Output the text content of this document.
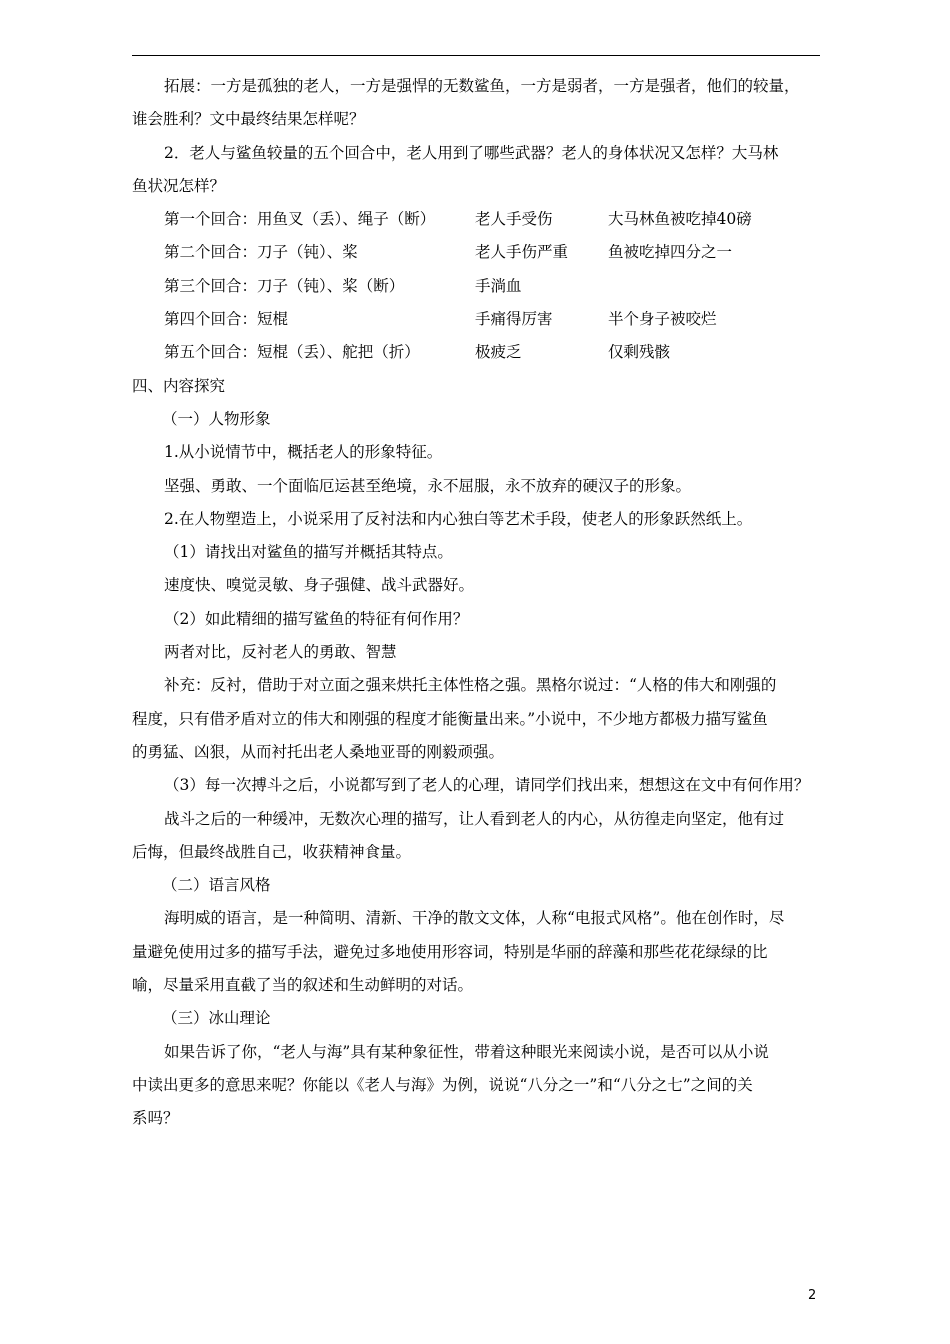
拓展：一方是孤独的老人，一方是强悍的无数鲨鱼，一方是弱者，一方是强者，他们的较量，

谁会胜利？文中最终结果怎样呢？

2．老人与鲨鱼较量的五个回合中，老人用到了哪些武器？老人的身体状况又怎样？大马林

鱼状况怎样？

第一个回合：用鱼叉（丢）、绳子（断）	老人手受伤	大马林鱼被吃掉40磅
第二个回合：刀子（钝）、桨	老人手伤严重	鱼被吃掉四分之一
第三个回合：刀子（钝）、桨（断）	手淌血
第四个回合：短棍	手痛得厉害	半个身子被咬烂
第五个回合：短棍（丢）、舵把（折）	极疲乏	仅剩残骸

四、内容探究

（一）人物形象

1.从小说情节中，概括老人的形象特征。

坚强、勇敢、一个面临厄运甚至绝境，永不屈服，永不放弃的硬汉子的形象。

2.在人物塑造上，小说采用了反衬法和内心独白等艺术手段，使老人的形象跃然纸上。

（1）请找出对鲨鱼的描写并概括其特点。

速度快、嗅觉灵敏、身子强健、战斗武器好。

（2）如此精细的描写鲨鱼的特征有何作用？

两者对比，反衬老人的勇敢、智慧

补充：反衬，借助于对立面之强来烘托主体性格之强。黑格尔说过：“人格的伟大和刚强的

程度，只有借矛盾对立的伟大和刚强的程度才能衡量出来。”小说中，不少地方都极力描写鲨鱼

的勇猛、凶狠，从而衬托出老人桑地亚哥的刚毅顽强。

（3）每一次搏斗之后，小说都写到了老人的心理，请同学们找出来，想想这在文中有何作用？

战斗之后的一种缓冲，无数次心理的描写，让人看到老人的内心，从彷徨走向坚定，他有过

后悔，但最终战胜自己，收获精神食量。

（二）语言风格

海明威的语言，是一种简明、清新、干净的散文文体，人称“电报式风格”。他在创作时，尽

量避免使用过多的描写手法，避免过多地使用形容词，特别是华丽的辞藻和那些花花绿绿的比

喻，尽量采用直截了当的叙述和生动鲜明的对话。

（三）冰山理论

如果告诉了你，“老人与海”具有某种象征性，带着这种眼光来阅读小说，是否可以从小说

中读出更多的意思来呢？你能以《老人与海》为例，说说“八分之一”和“八分之七”之间的关

系吗？

2
